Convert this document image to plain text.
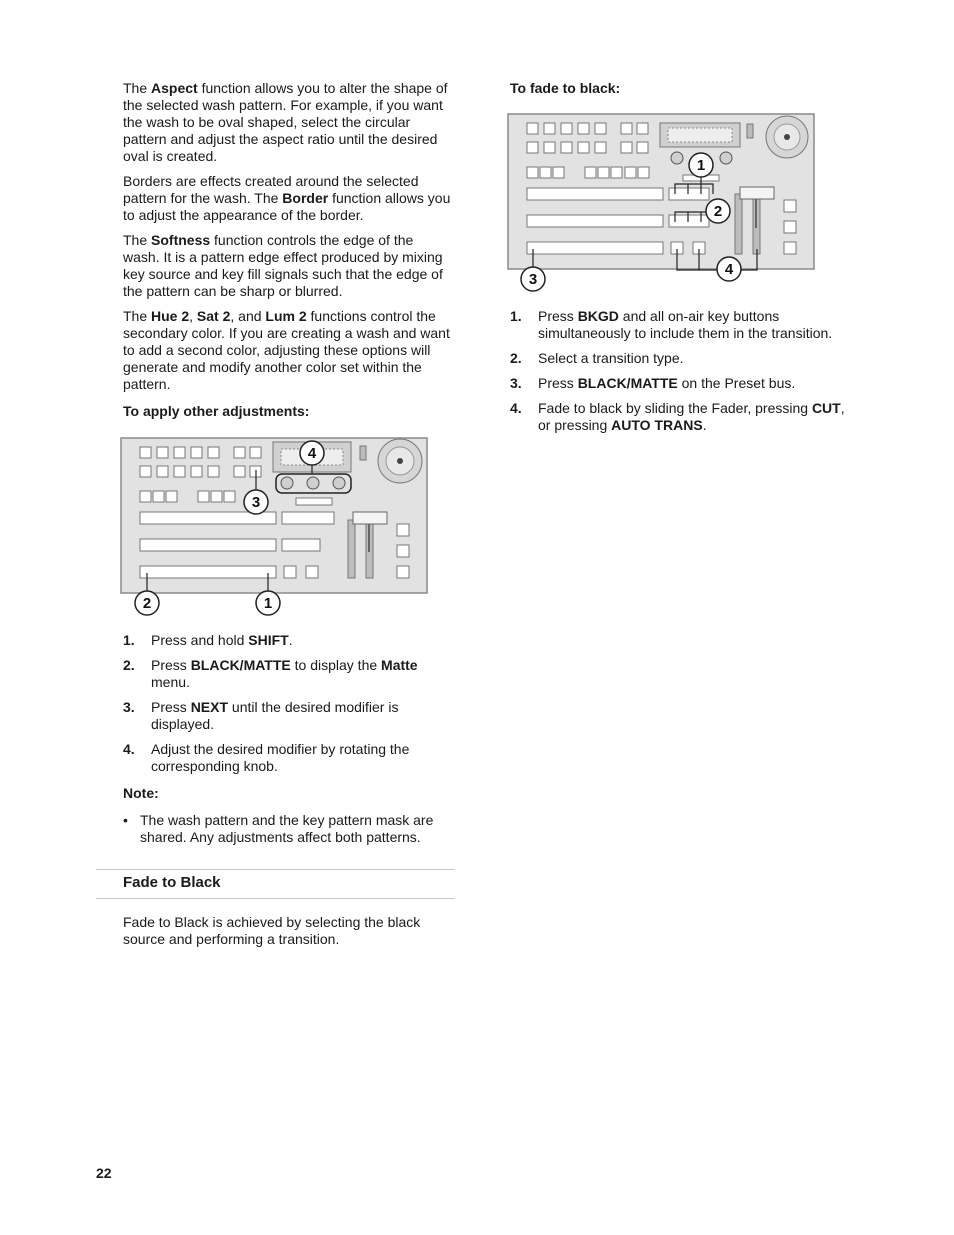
The Aspect function allows you to alter the shape of the selected wash pattern. For example, if you want the wash to be oval shaped, select the circular pattern and adjust the aspect ratio until the desired oval is created.

Borders are effects created around the selected pattern for the wash. The Border function allows you to adjust the appearance of the border.

The Softness function controls the edge of the wash. It is a pattern edge effect produced by mixing key source and key fill signals such that the edge of the pattern can be sharp or blurred.

The Hue 2, Sat 2, and Lum 2 functions control the secondary color. If you are creating a wash and want to add a second color, adjusting these options will generate and modify another color set within the pattern.

To apply other adjustments:
4
3
2	1
1. Press and hold SHIFT.
2. Press BLACK/MATTE to display the Matte menu.
3. Press NEXT until the desired modifier is displayed.
4. Adjust the desired modifier by rotating the corresponding knob.
Note:
• The wash pattern and the key pattern mask are shared. Any adjustments affect both patterns.
Fade to Black
Fade to Black is achieved by selecting the black source and performing a transition.
To fade to black:
1
2
3
4
1. Press BKGD and all on-air key buttons simultaneously to include them in the transition.
2. Select a transition type.
3. Press BLACK/MATTE on the Preset bus.
4. Fade to black by sliding the Fader, pressing CUT, or pressing AUTO TRANS.
22
